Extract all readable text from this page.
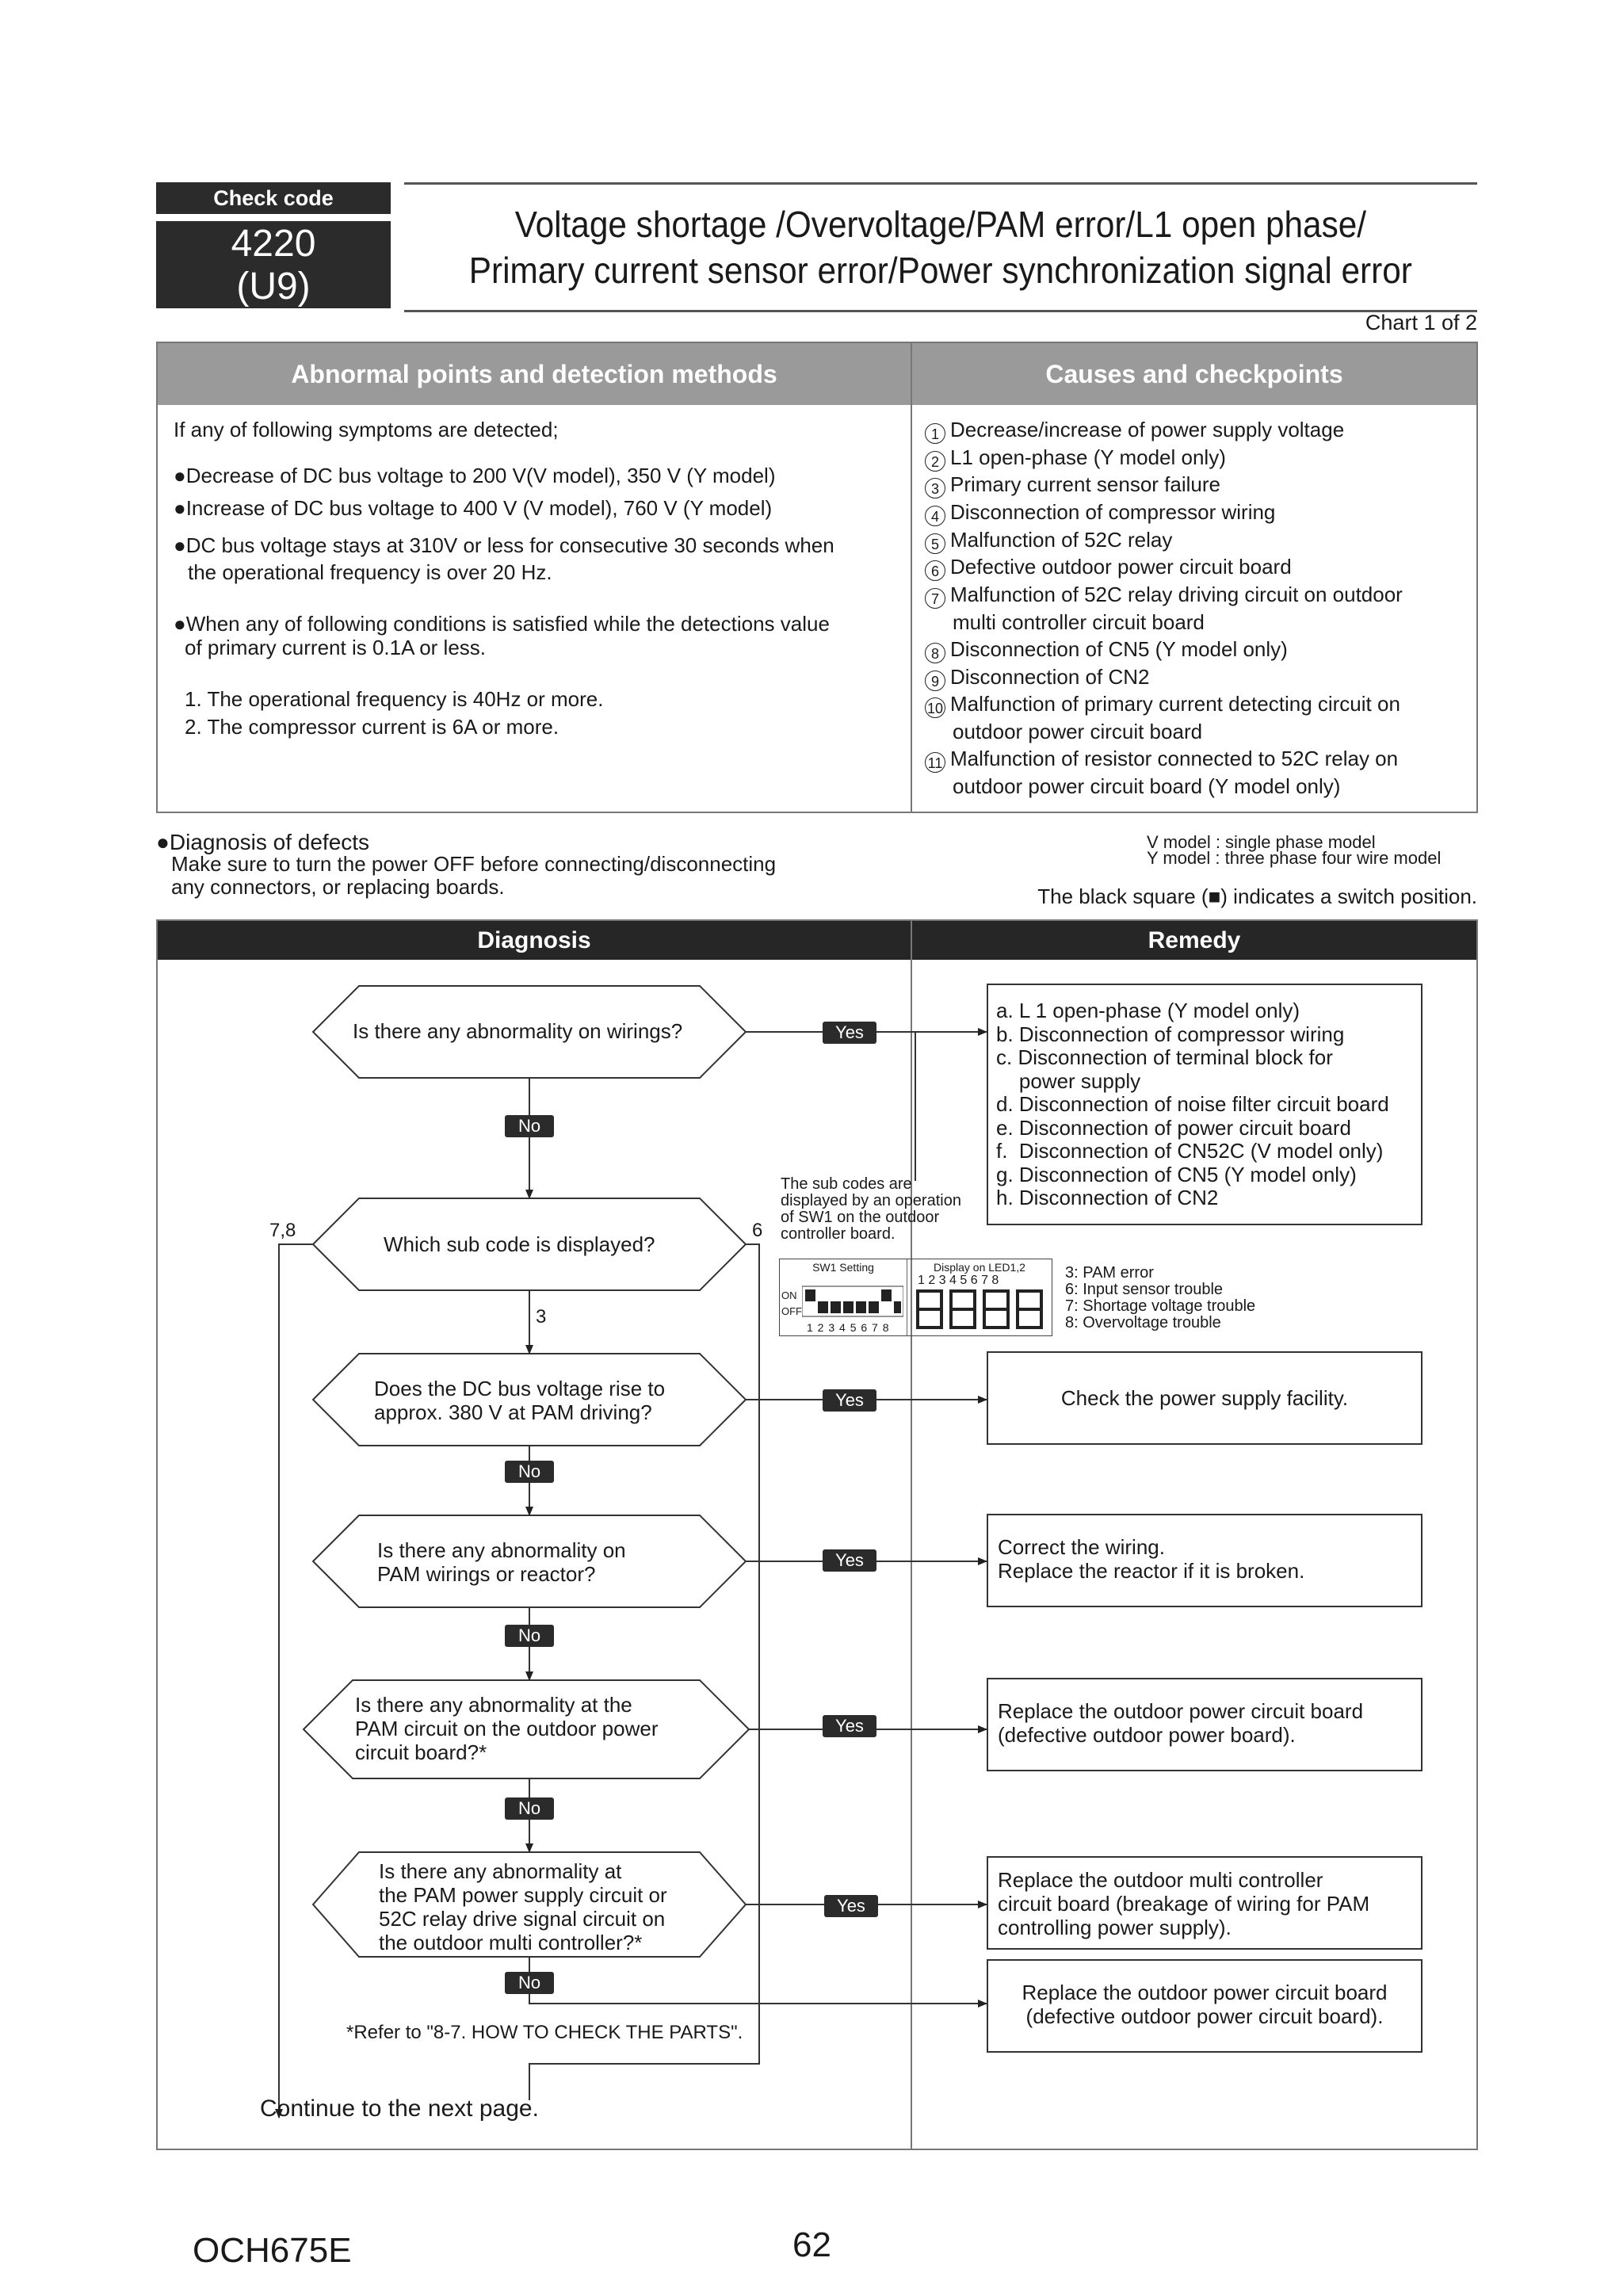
Check code
4220
(U9)
Voltage shortage /Overvoltage/PAM error/L1 open phase/
Primary current sensor error/Power synchronization signal error
Chart 1 of 2
Abnormal points and detection methods	Causes and checkpoints
If any of following symptoms are detected;
●Decrease of DC bus voltage to 200 V(V model), 350 V (Y model)
●Increase of DC bus voltage to 400 V (V model), 760 V (Y model)
●DC bus voltage stays at 310V or less for consecutive 30 seconds when
the operational frequency is over 20 Hz.
●When any of following conditions is satisfied while the detections value
of primary current is 0.1A or less.
1. The operational frequency is 40Hz or more.
2. The compressor current is 6A or more.
1 Decrease/increase of power supply voltage
2 L1 open-phase (Y model only)
3 Primary current sensor failure
4 Disconnection of compressor wiring
5 Malfunction of 52C relay
6 Defective outdoor power circuit board
7 Malfunction of 52C relay driving circuit on outdoor
multi controller circuit board
8 Disconnection of CN5 (Y model only)
9 Disconnection of CN2
10 Malfunction of primary current detecting circuit on
outdoor power circuit board
11 Malfunction of resistor connected to 52C relay on
outdoor power circuit board (Y model only)
●Diagnosis of defects
Make sure to turn the power OFF before connecting/disconnecting
any connectors, or replacing boards.
V model : single phase model
Y model : three phase four wire model
The black square (■) indicates a switch position.
Diagnosis	Remedy
Is there any abnormality on wirings?
Which sub code is displayed?
7,8	6
3
Does the DC bus voltage rise to
approx. 380 V at PAM driving?
Is there any abnormality on
PAM wirings or reactor?
Is there any abnormality at the
PAM circuit on the outdoor power
circuit board?*
Is there any abnormality at
the PAM power supply circuit or
52C relay drive signal circuit on
the outdoor multi controller?*
*Refer to "8-7. HOW TO CHECK THE PARTS".
Continue to the next page.
Yes
No
Yes
No
Yes
No
Yes
No
Yes
No
The sub codes are
displayed by an operation
of SW1 on the outdoor
controller board.
SW1 Setting
ON
OFF
1 2 3 4 5 6 7 8
Display on LED1,2
1 2 3 4 5 6 7 8	3: PAM error
6: Input sensor trouble
7: Shortage voltage trouble
8: Overvoltage trouble
a. L 1 open-phase (Y model only)
b. Disconnection of compressor wiring
c. Disconnection of terminal block for
power supply
d. Disconnection of noise filter circuit board
e. Disconnection of power circuit board
f.  Disconnection of CN52C (V model only)
g. Disconnection of CN5 (Y model only)
h. Disconnection of CN2
Check the power supply facility.
Correct the wiring.
Replace the reactor if it is broken.
Replace the outdoor power circuit board
(defective outdoor power board).
Replace the outdoor multi controller
circuit board (breakage of wiring for PAM
controlling power supply).
Replace the outdoor power circuit board
(defective outdoor power circuit board).
OCH675E	62
